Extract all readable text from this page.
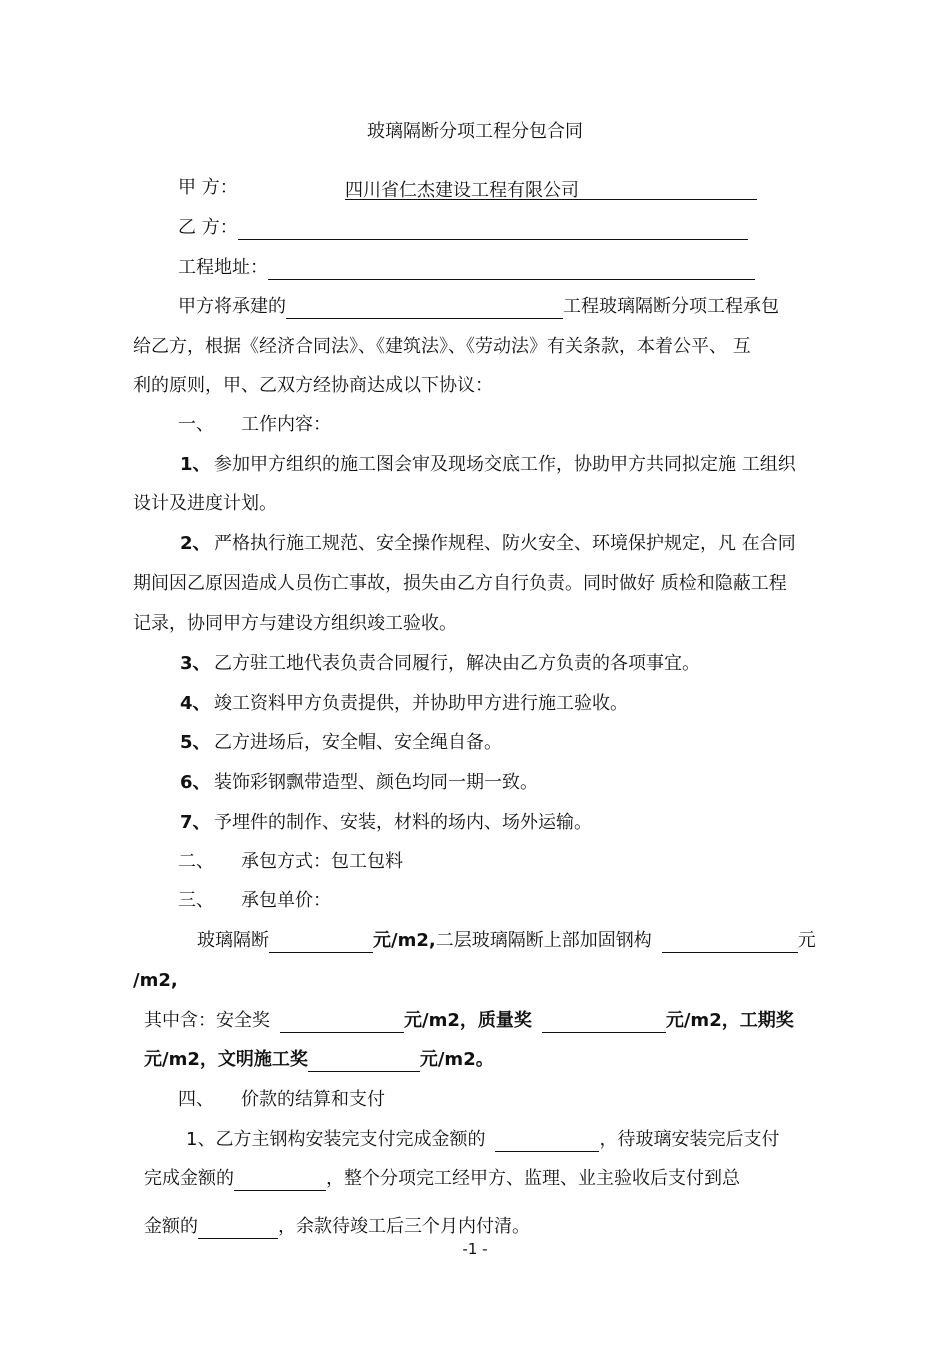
玻璃隔断分项工程分包合同
甲 方：	四川省仁杰建设工程有限公司
乙 方：
工程地址：
甲方将承建的	工程玻璃隔断分项工程承包
给乙方，根据《经济合同法》、《建筑法》、《劳动法》有关条款，本着公平、 互
利的原则，甲、乙双方经协商达成以下协议：
一、 工作内容：
1、 参加甲方组织的施工图会审及现场交底工作，协助甲方共同拟定施 工组织
设计及进度计划。
2、 严格执行施工规范、安全操作规程、防火安全、环境保护规定，凡 在合同
期间因乙原因造成人员伤亡事故，损失由乙方自行负责。同时做好 质检和隐蔽工程
记录，协同甲方与建设方组织竣工验收。
3、 乙方驻工地代表负责合同履行，解决由乙方负责的各项事宜。
4、 竣工资料甲方负责提供，并协助甲方进行施工验收。
5、 乙方进场后，安全帽、安全绳自备。
6、 装饰彩钢飘带造型、颜色均同一期一致。
7、 予埋件的制作、安装，材料的场内、场外运输。
二、 承包方式：包工包料
三、 承包单价：
玻璃隔断	元/m2,二层玻璃隔断上部加固钢构	元
/m2,
其中含：安全奖	元/m2，质量奖	元/m2，工期奖
元/m2，文明施工奖	元/m2。
四、 价款的结算和支付
1、乙方主钢构安装完支付完成金额的	，待玻璃安装完后支付
完成金额的	，整个分项完工经甲方、监理、业主验收后支付到总
金额的	，余款待竣工后三个月内付清。
-1 -
